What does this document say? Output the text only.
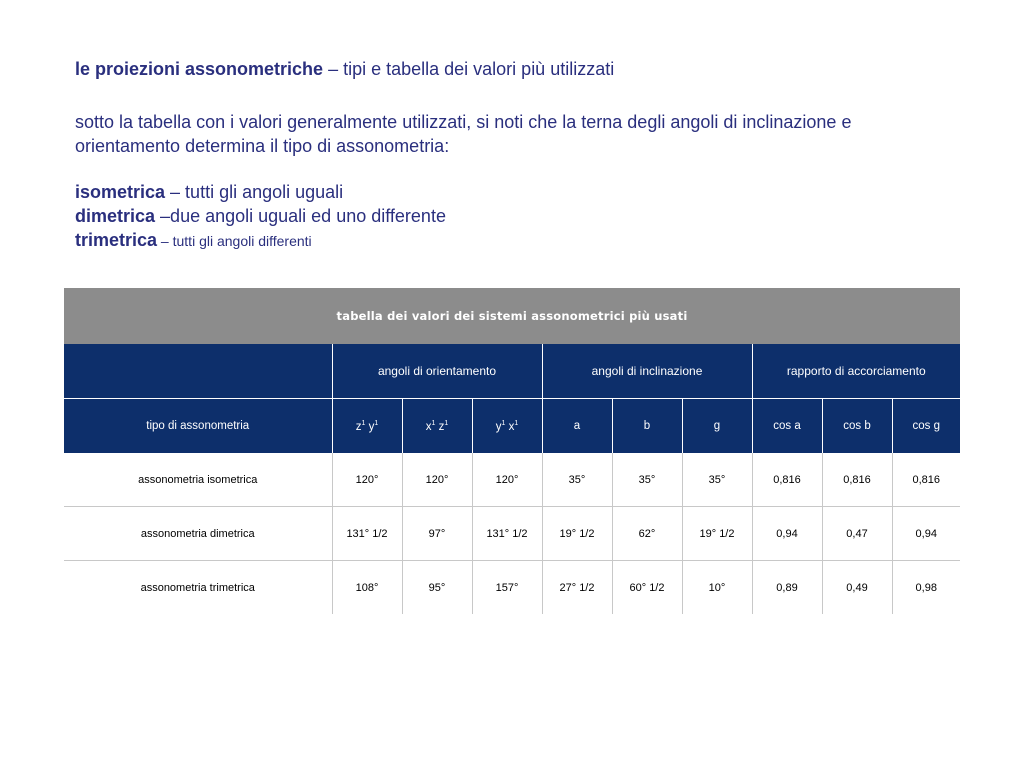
le proiezioni assonometriche – tipi e tabella dei valori più utilizzati
sotto la tabella con i valori generalmente utilizzati, si noti che la terna degli angoli di inclinazione e orientamento determina il tipo di assonometria:
isometrica – tutti gli angoli uguali
dimetrica –due angoli uguali ed uno differente
trimetrica – tutti gli angoli differenti
tabella dei valori dei sistemi assonometrici più usati									
	angoli di orientamento			angoli di inclinazione			rapporto di accorciamento		
tipo di assonometria	$z^1$ $y^1$	$x^1$ $z^1$	$y^1$ $x^1$	a	b	g	cos a	cos b	cos g
assonometria isometrica	120°	120°	120°	35°	35°	35°	0,816	0,816	0,816
assonometria dimetrica	131° 1/2	97°	131° 1/2	19° 1/2	62°	19° 1/2	0,94	0,47	0,94
assonometria trimetrica	108°	95°	157°	27° 1/2	60° 1/2	10°	0,89	0,49	0,98
